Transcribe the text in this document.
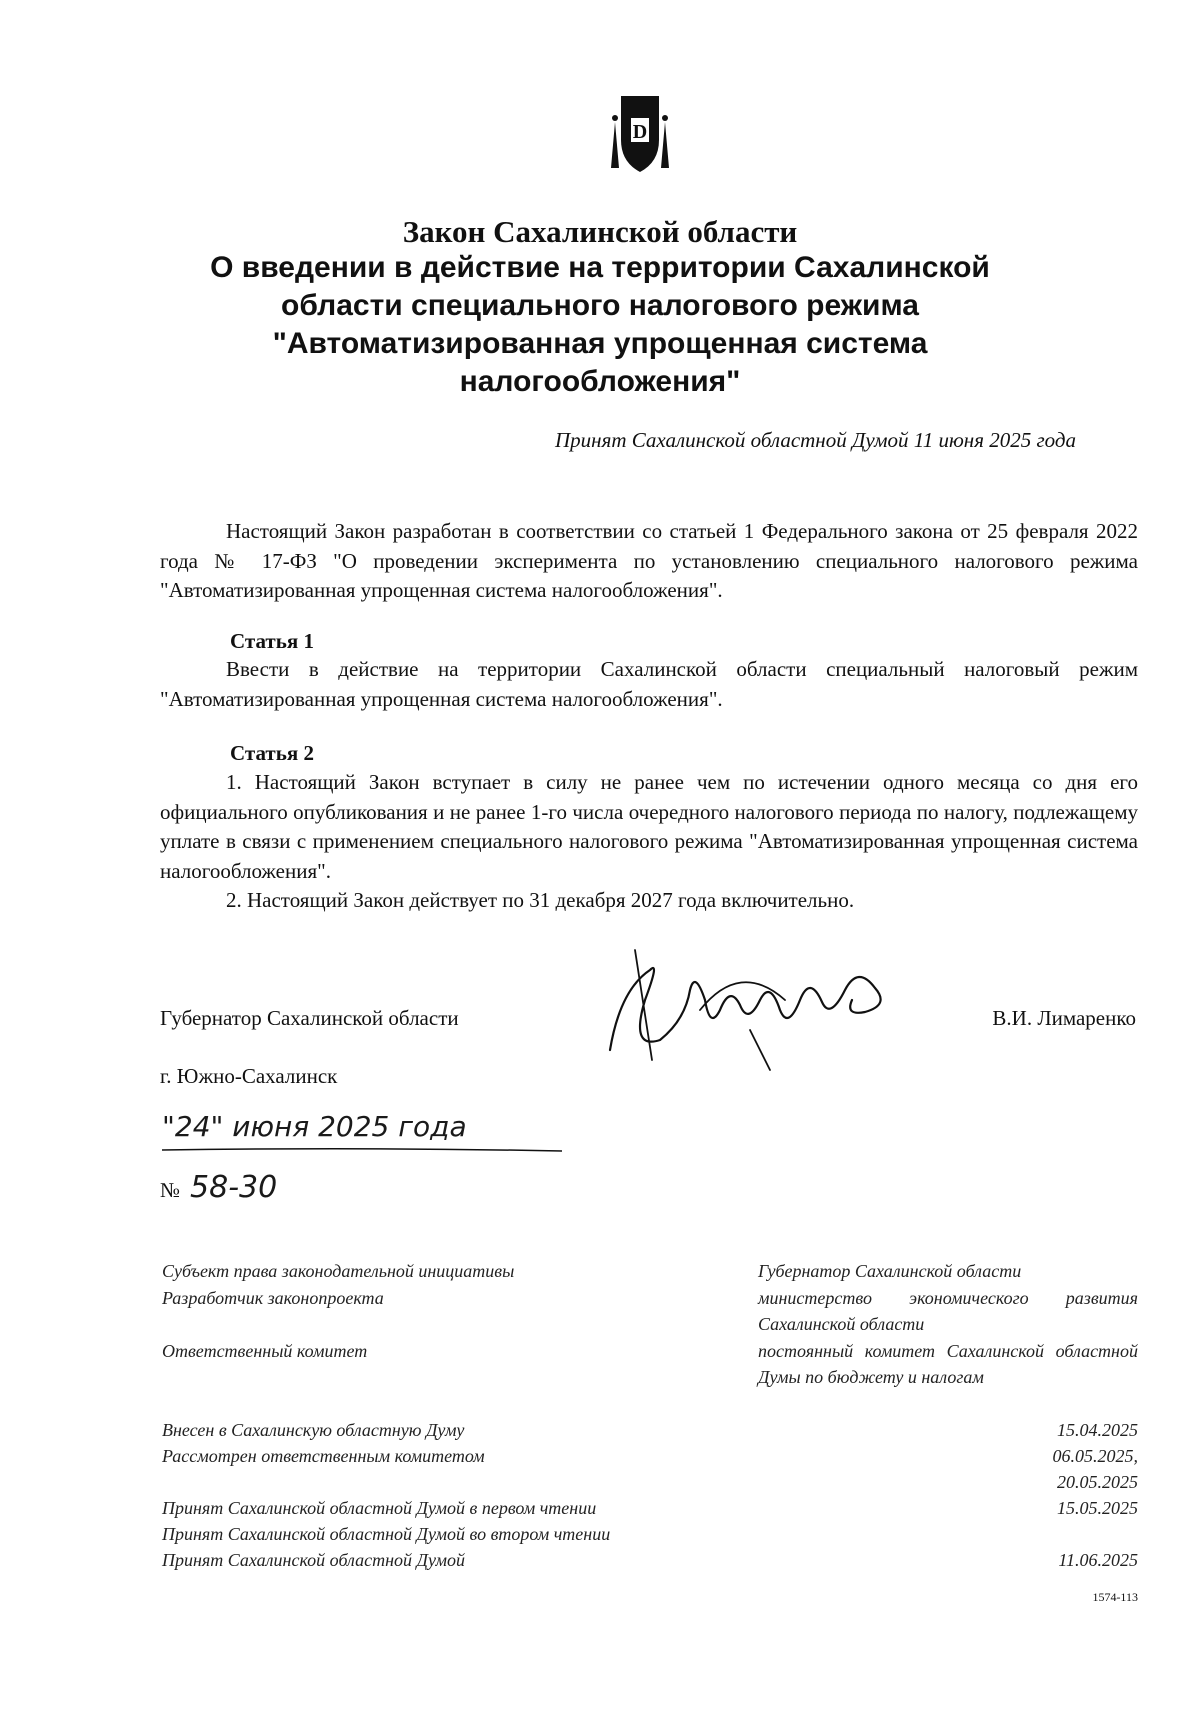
D
Закон Сахалинской области
О введении в действие на территории Сахалинской
области специального налогового режима
"Автоматизированная упрощенная система
налогообложения"
Принят Сахалинской областной Думой 11 июня 2025 года
Настоящий Закон разработан в соответствии со статьей 1 Федерального закона от 25 февраля 2022 года № 17-ФЗ "О проведении эксперимента по установлению специального налогового режима "Автоматизированная упрощенная система налогообложения".
Статья 1
Ввести в действие на территории Сахалинской области специальный налоговый режим "Автоматизированная упрощенная система налогообложения".
Статья 2
1. Настоящий Закон вступает в силу не ранее чем по истечении одного месяца со дня его официального опубликования и не ранее 1-го числа очередного налогового периода по налогу, подлежащему уплате в связи с применением специального налогового режима "Автоматизированная упрощенная система налогообложения".
2. Настоящий Закон действует по 31 декабря 2027 года включительно.
Губернатор Сахалинской области	В.И. Лимаренко
г. Южно-Сахалинск
"24" июня 2025 года
№ 58-30
Субъект права законодательной инициативы	Губернатор Сахалинской области
Разработчик законопроекта	министерство экономического развития Сахалинской области
Ответственный комитет	постоянный комитет Сахалинской областной Думы по бюджету и налогам
Внесен в Сахалинскую областную Думу	15.04.2025
Рассмотрен ответственным комитетом	06.05.2025,
20.05.2025
Принят Сахалинской областной Думой в первом чтении	15.05.2025
Принят Сахалинской областной Думой во втором чтении
Принят Сахалинской областной Думой	11.06.2025
1574-113
